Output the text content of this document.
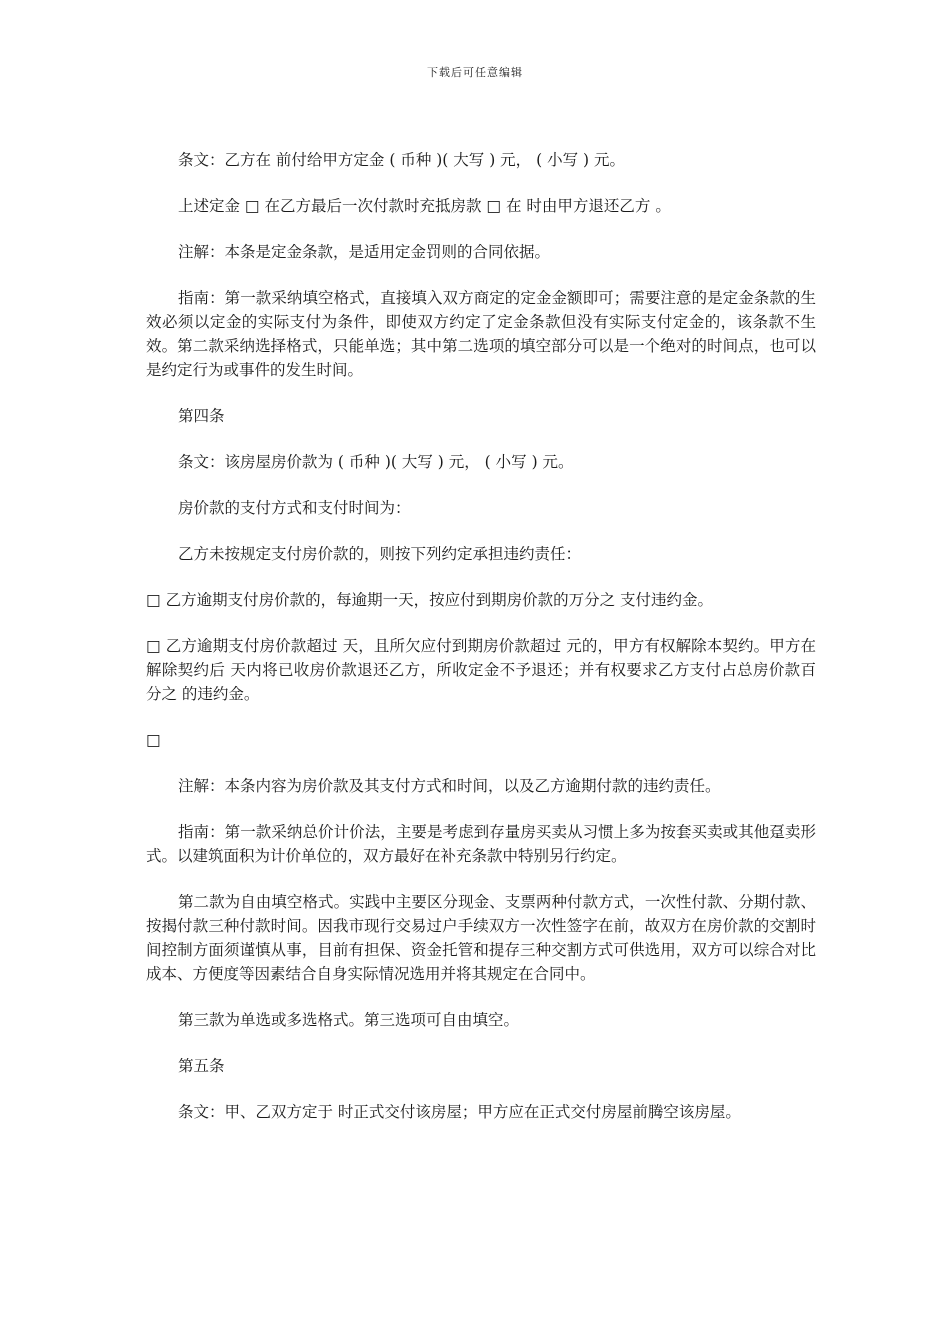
下载后可任意编辑

条文：乙方在 前付给甲方定金 ( 币种 )( 大写 ) 元， ( 小写 ) 元。

上述定金 □ 在乙方最后一次付款时充抵房款 □ 在 时由甲方退还乙方 。

注解：本条是定金条款，是适用定金罚则的合同依据。

指南：第一款采纳填空格式，直接填入双方商定的定金金额即可；需要注意的是定金条款的生效必须以定金的实际支付为条件，即使双方约定了定金条款但没有实际支付定金的，该条款不生效。第二款采纳选择格式，只能单选；其中第二选项的填空部分可以是一个绝对的时间点，也可以是约定行为或事件的发生时间。

第四条

条文：该房屋房价款为 ( 币种 )( 大写 ) 元， ( 小写 ) 元。

房价款的支付方式和支付时间为：

乙方未按规定支付房价款的，则按下列约定承担违约责任：

□ 乙方逾期支付房价款的，每逾期一天，按应付到期房价款的万分之 支付违约金。

□ 乙方逾期支付房价款超过 天，且所欠应付到期房价款超过 元的，甲方有权解除本契约。甲方在解除契约后 天内将已收房价款退还乙方，所收定金不予退还；并有权要求乙方支付占总房价款百分之 的违约金。

□

注解：本条内容为房价款及其支付方式和时间，以及乙方逾期付款的违约责任。

指南：第一款采纳总价计价法，主要是考虑到存量房买卖从习惯上多为按套买卖或其他趸卖形式。以建筑面积为计价单位的，双方最好在补充条款中特别另行约定。

第二款为自由填空格式。实践中主要区分现金、支票两种付款方式，一次性付款、分期付款、按揭付款三种付款时间。因我市现行交易过户手续双方一次性签字在前，故双方在房价款的交割时间控制方面须谨慎从事，目前有担保、资金托管和提存三种交割方式可供选用，双方可以综合对比成本、方便度等因素结合自身实际情况选用并将其规定在合同中。

第三款为单选或多选格式。第三选项可自由填空。

第五条

条文：甲、乙双方定于 时正式交付该房屋；甲方应在正式交付房屋前腾空该房屋。
